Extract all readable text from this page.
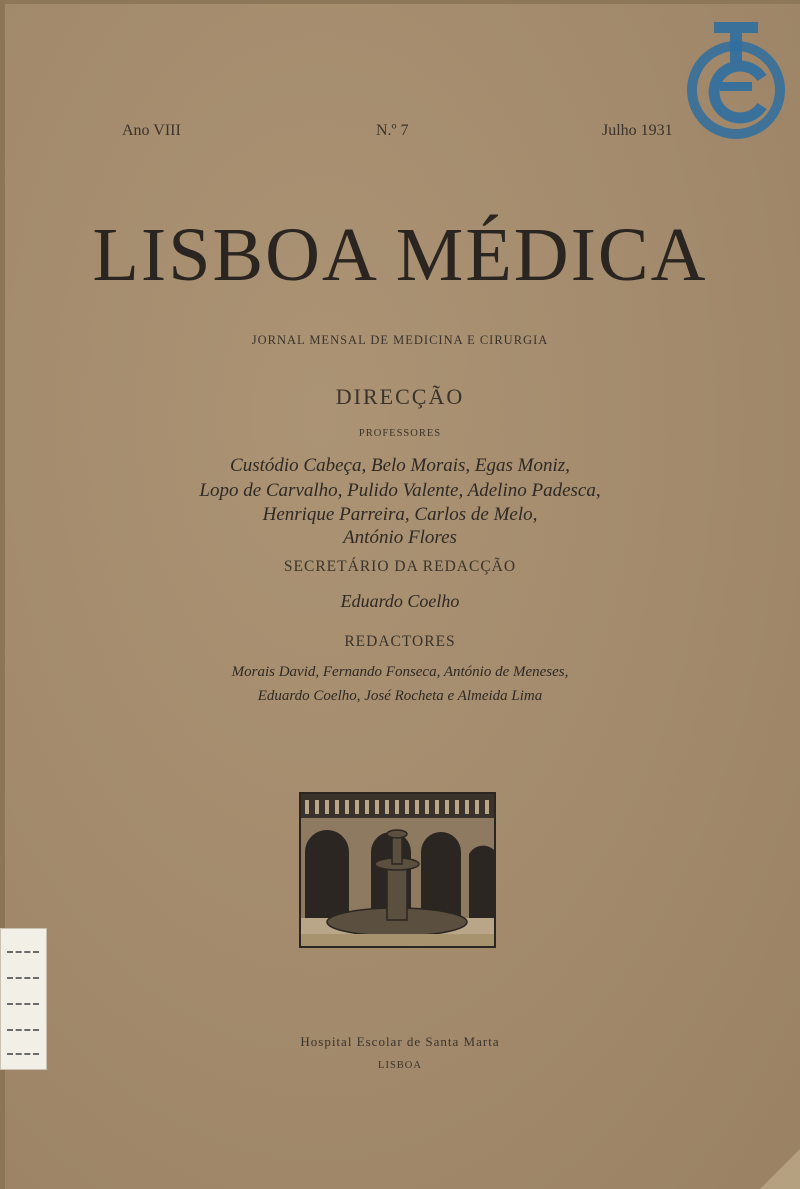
Ano VIII	N.º 7	Julho 1931
LISBOA MÉDICA
JORNAL MENSAL DE MEDICINA E CIRURGIA
DIRECÇÃO
PROFESSORES
Custódio Cabeça, Belo Morais, Egas Moniz,
Lopo de Carvalho, Pulido Valente, Adelino Padesca,
Henrique Parreira, Carlos de Melo,
António Flores
SECRETÁRIO DA REDACÇÃO
Eduardo Coelho
REDACTORES
Morais David, Fernando Fonseca, António de Meneses,
Eduardo Coelho, José Rocheta e Almeida Lima
Hospital Escolar de Santa Marta
LISBOA
